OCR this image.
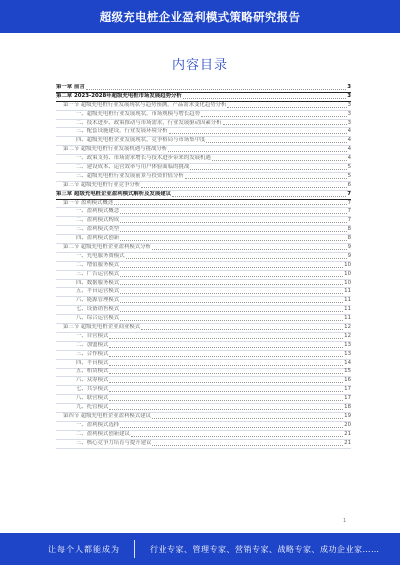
超级充电桩企业盈利模式策略研究报告
内容目录
第一章 前言	3
第二章 2023-2028年超级充电桩市场发展趋势分析	3
第一节 超级充电桩行业发展现状与趋势预测，产品需求变化趋势分析	3
一、超级充电桩行业发展现状，市场规模与增长趋势	3
二、技术进步、政策推动与市场需求，行业发展驱动因素分析	3
三、配套设施建设，行业发展环境分析	4
四、超级充电桩企业发展现状，竞争格局与市场集中度	4
第二节 超级充电桩行业发展机遇与挑战分析	4
一、政策支持、市场需求增长与技术进步带来的发展机遇	4
二、建设成本、运营效率与用户体验面临的挑战	5
三、超级充电桩行业发展前景与投资价值分析	5
第三节 超级充电桩行业竞争分析	6
第三章 超级充电桩企业盈利模式解析及发展建议	7
第一节 盈利模式概述	7
一、盈利模式概念	7
二、盈利模式构成	7
三、盈利模式类型	8
四、盈利模式创新	8
第二节 超级充电桩企业盈利模式分析	9
一、充电服务费模式	9
二、增值服务模式	10
三、广告运营模式	10
四、数据服务模式	10
五、平台运营模式	11
六、能源管理模式	11
七、设备销售模式	11
八、综合运营模式	11
第三节 超级充电桩企业商业模式	12
一、自营模式	12
二、加盟模式	13
三、合作模式	13
四、平台模式	14
五、租赁模式	15
六、众筹模式	16
七、共享模式	17
八、联营模式	17
九、托管模式	18
第四节 超级充电桩企业盈利模式建议	19
一、盈利模式选择	20
二、盈利模式创新建议	21
三、核心竞争力培育与提升建议	21
1
让每个人都能成为	行业专家、管理专家、营销专家、战略专家、成功企业家……
